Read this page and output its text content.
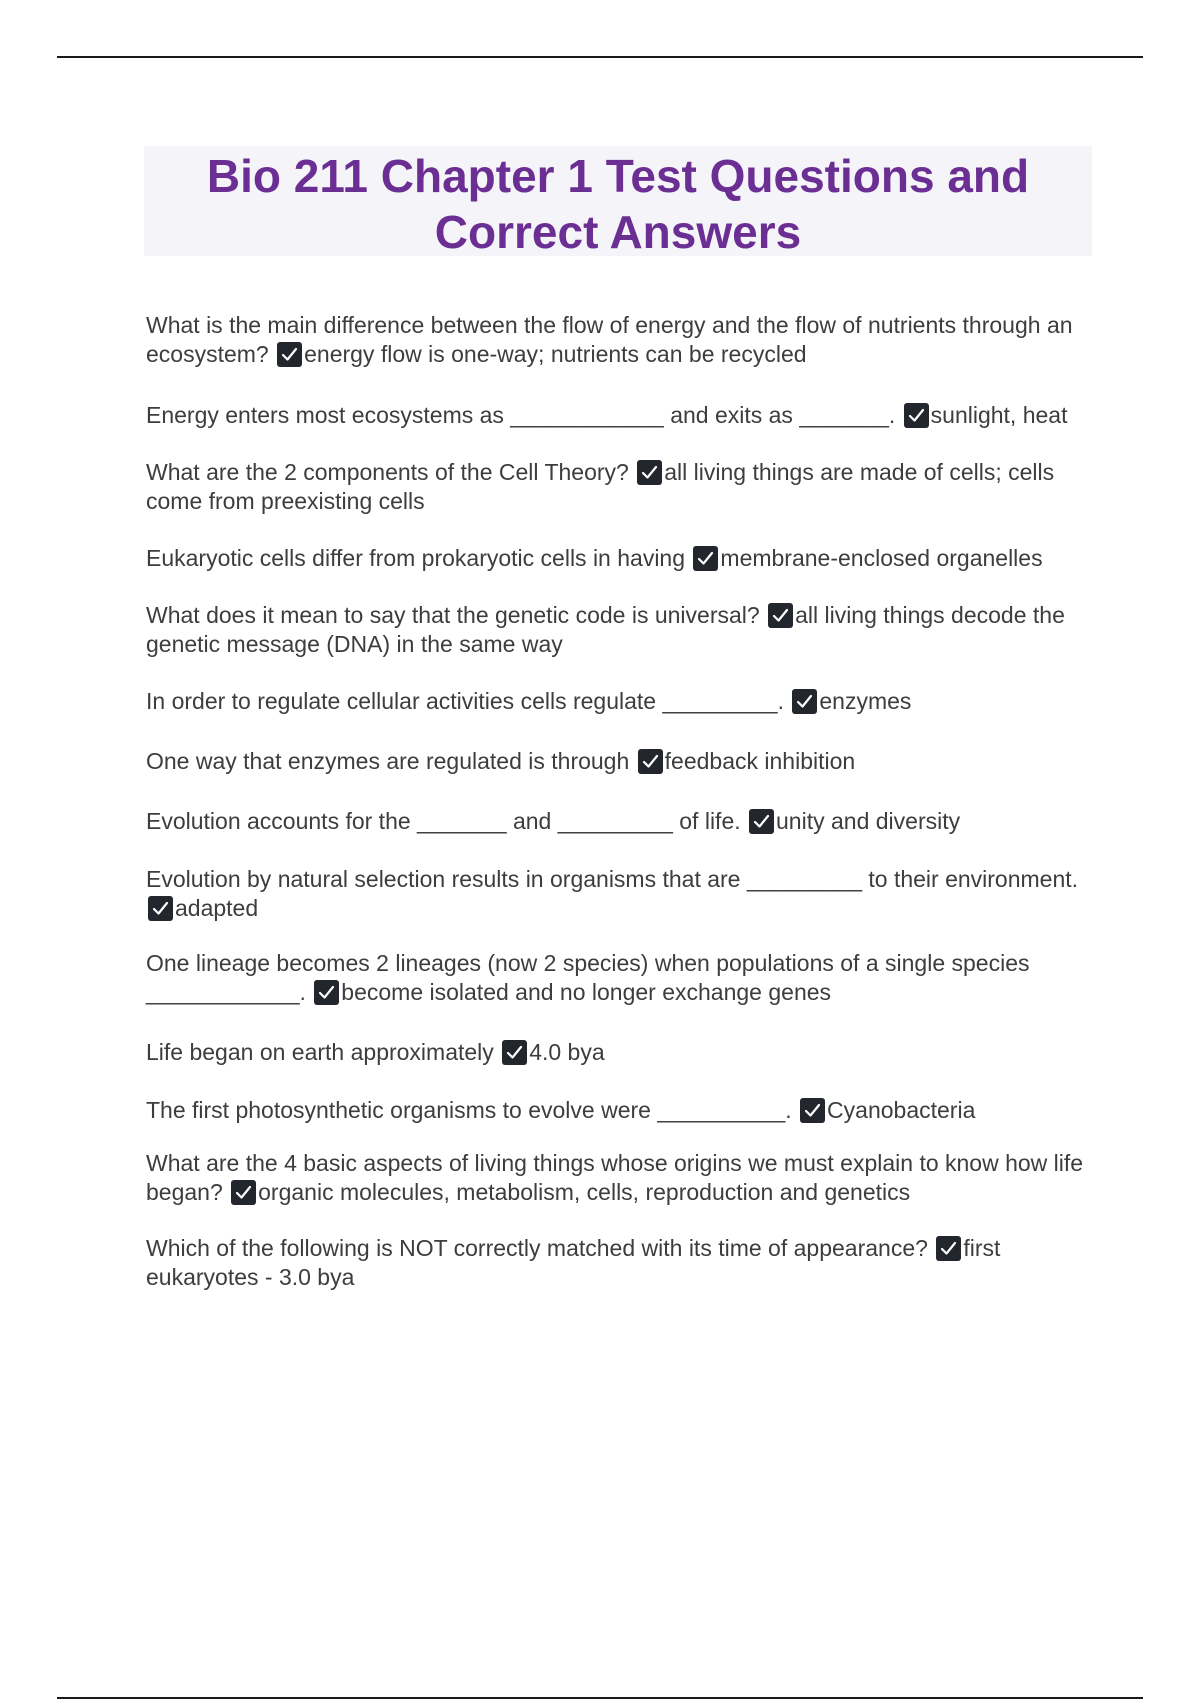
Bio 211 Chapter 1 Test Questions and Correct Answers

What is the main difference between the flow of energy and the flow of nutrients through an ecosystem? energy flow is one-way; nutrients can be recycled

Energy enters most ecosystems as ____________ and exits as _______. sunlight, heat

What are the 2 components of the Cell Theory? all living things are made of cells; cells come from preexisting cells

Eukaryotic cells differ from prokaryotic cells in having membrane-enclosed organelles

What does it mean to say that the genetic code is universal? all living things decode the genetic message (DNA) in the same way

In order to regulate cellular activities cells regulate _________. enzymes

One way that enzymes are regulated is through feedback inhibition

Evolution accounts for the _______ and _________ of life. unity and diversity

Evolution by natural selection results in organisms that are _________ to their environment.
adapted

One lineage becomes 2 lineages (now 2 species) when populations of a single species ____________. become isolated and no longer exchange genes

Life began on earth approximately 4.0 bya

The first photosynthetic organisms to evolve were __________. Cyanobacteria

What are the 4 basic aspects of living things whose origins we must explain to know how life began? organic molecules, metabolism, cells, reproduction and genetics

Which of the following is NOT correctly matched with its time of appearance? first eukaryotes - 3.0 bya
